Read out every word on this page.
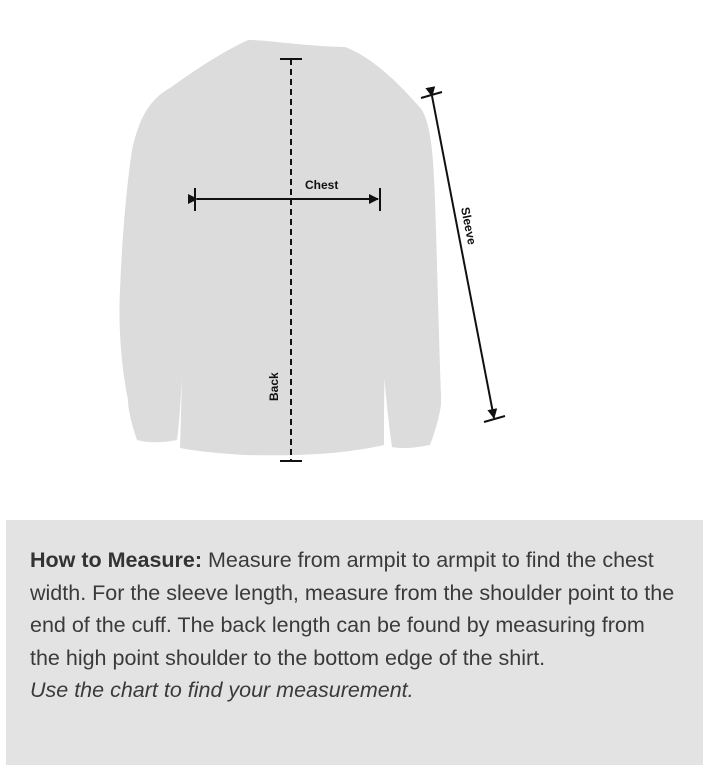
Chest
Sleeve
Back

How to Measure: Measure from armpit to armpit to find the chest width. For the sleeve length, measure from the shoulder point to the end of the cuff. The back length can be found by measuring from the high point shoulder to the bottom edge of the shirt.

Use the chart to find your measurement.
